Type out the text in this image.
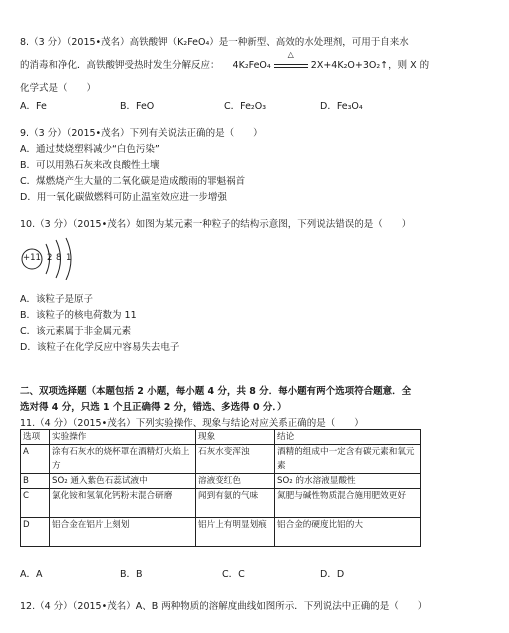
8.（3 分）（2015•茂名）高铁酸钾（K₂FeO₄）是一种新型、高效的水处理剂，可用于自来水
的消毒和净化．高铁酸钾受热时发生分解反应： 4K₂FeO₄
△
2X+4K₂O+3O₂↑，则 X 的
化学式是（　　）
A．Fe	B．FeO	C．Fe₂O₃	D．Fe₃O₄
9.（3 分）（2015•茂名）下列有关说法正确的是（　　）
A．通过焚烧塑料减少“白色污染”
B．可以用熟石灰来改良酸性土壤
C．煤燃烧产生大量的二氧化碳是造成酸雨的罪魁祸首
D．用一氧化碳做燃料可防止温室效应进一步增强
10.（3 分）（2015•茂名）如图为某元素一种粒子的结构示意图，下列说法错误的是（　　）
+11 2 8 1
A．该粒子是原子
B．该粒子的核电荷数为 11
C．该元素属于非金属元素
D．该粒子在化学反应中容易失去电子
二、双项选择题（本题包括 2 小题，每小题 4 分，共 8 分．每小题有两个选项符合题意．全
选对得 4 分，只选 1 个且正确得 2 分，错选、多选得 0 分．）
11.（4 分）（2015•茂名）下列实验操作、现象与结论对应关系正确的是（　　）
选项	实验操作	现象	结论
A	涂有石灰水的烧杯罩在酒精灯火焰上方	石灰水变浑浊	酒精的组成中一定含有碳元素和氧元素
B	SO₂ 通入紫色石蕊试液中	溶液变红色	SO₂ 的水溶液显酸性
C	氯化铵和氢氧化钙粉末混合研磨	闻到有氨的气味	氮肥与碱性物质混合施用肥效更好
D	铝合金在铝片上刻划	铝片上有明显划痕	铝合金的硬度比铝的大
A．A	B．B	C．C	D．D
12.（4 分）（2015•茂名）A、B 两种物质的溶解度曲线如图所示．下列说法中正确的是（　　）
